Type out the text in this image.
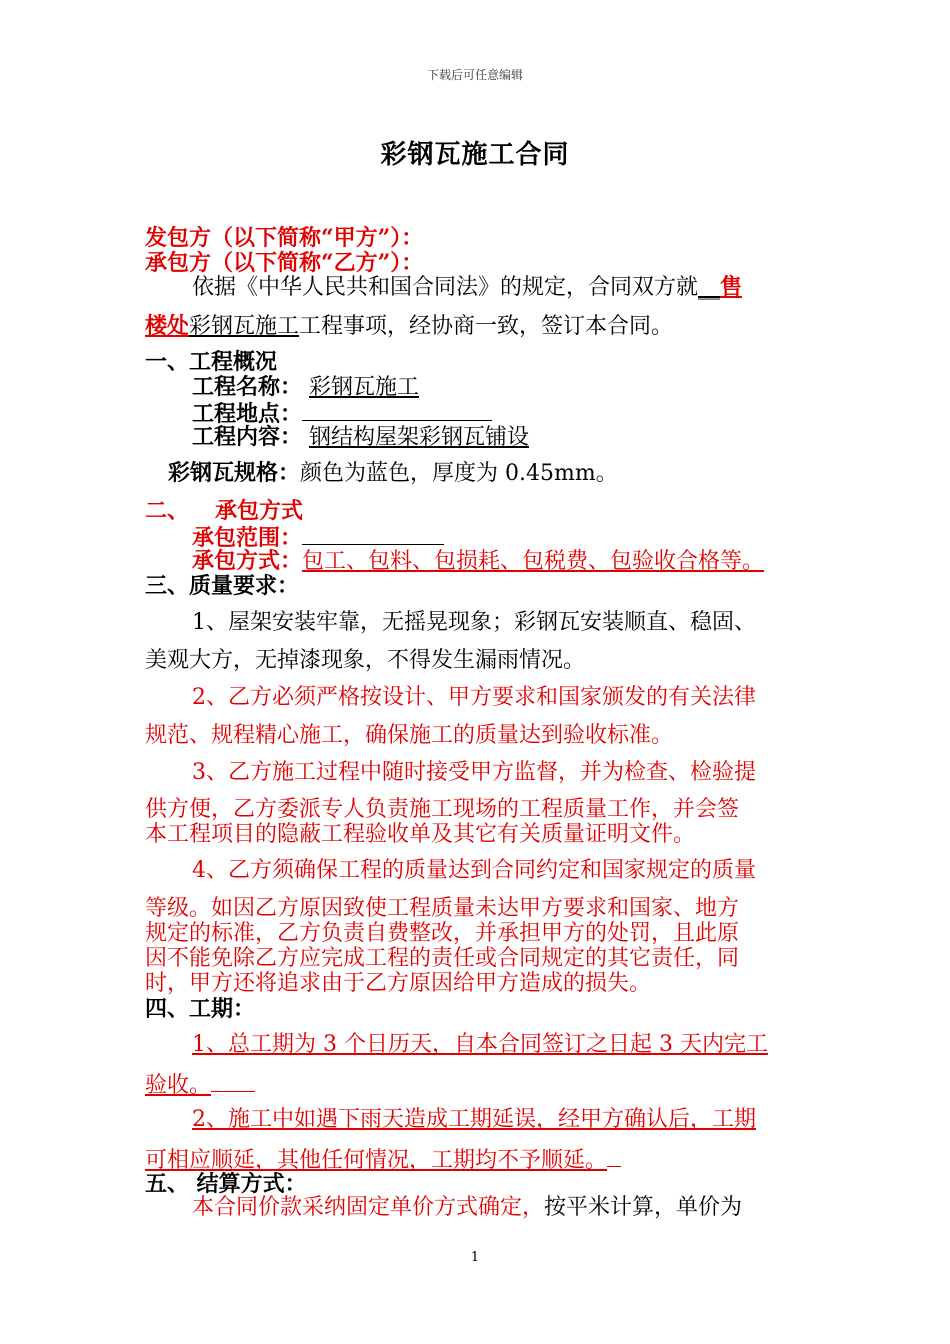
下载后可任意编辑
彩钢瓦施工合同
发包方（以下简称“甲方”）：
承包方（以下简称“乙方”）：
依据《中华人民共和国合同法》的规定，合同双方就__售
楼处彩钢瓦施工工程事项，经协商一致，签订本合同。
一、工程概况
工程名称： 彩钢瓦施工
工程地点：
工程内容： 钢结构屋架彩钢瓦铺设
彩钢瓦规格：颜色为蓝色，厚度为 0.45mm。
二、 承包方式
承包范围：
承包方式：包工、包料、包损耗、包税费、包验收合格等。
三、质量要求：
1、屋架安装牢靠，无摇晃现象；彩钢瓦安装顺直、稳固、
美观大方，无掉漆现象，不得发生漏雨情况。
2、乙方必须严格按设计、甲方要求和国家颁发的有关法律
规范、规程精心施工，确保施工的质量达到验收标准。
3、乙方施工过程中随时接受甲方监督，并为检查、检验提
供方便，乙方委派专人负责施工现场的工程质量工作，并会签
本工程项目的隐蔽工程验收单及其它有关质量证明文件。
4、乙方须确保工程的质量达到合同约定和国家规定的质量
等级。如因乙方原因致使工程质量未达甲方要求和国家、地方
规定的标准，乙方负责自费整改，并承担甲方的处罚，且此原
因不能免除乙方应完成工程的责任或合同规定的其它责任，同
时，甲方还将追求由于乙方原因给甲方造成的损失。
四、工期：
1、总工期为 3 个日历天，自本合同签订之日起 3 天内完工
验收。
2、施工中如遇下雨天造成工期延误，经甲方确认后，工期
可相应顺延，其他任何情况，工期均不予顺延。
五、 结算方式：
本合同价款采纳固定单价方式确定，按平米计算，单价为
1
